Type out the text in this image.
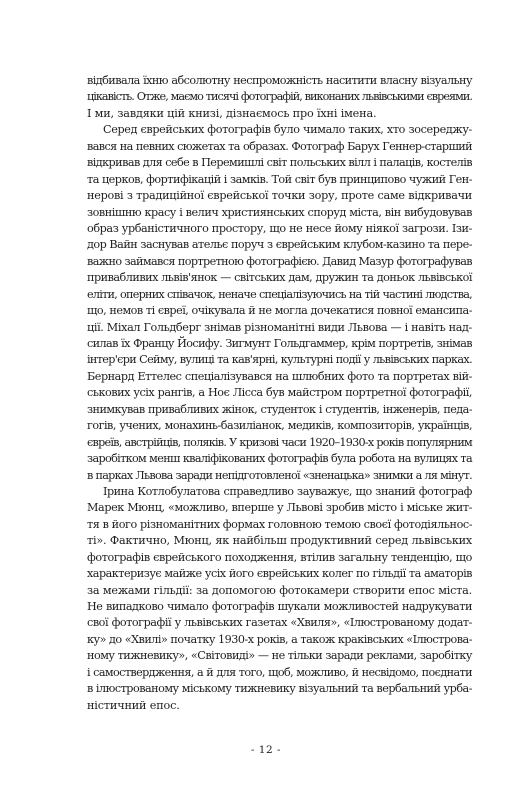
відбивала їхню абсолютну неспроможність наситити власну візуальну
цікавість. Отже, маємо тисячі фотографій, виконаних львівськими євреями.
І ми, завдяки цій книзі, дізнаємось про їхні імена.
Серед єврейських фотографів було чимало таких, хто зосереджу-
вався на певних сюжетах та образах. Фотограф Барух Геннер-старший
відкривав для себе в Перемишлі світ польських вілл і палаців, костелів
та церков, фортифікацій і замків. Той світ був принципово чужий Ген-
нерові з традиційної єврейської точки зору, проте саме відкривачи
зовнішню красу і велич християнських споруд міста, він вибудовував
образ урбаністичного простору, що не несе йому ніякої загрози. Ізи-
дор Вайн заснував ательє поруч з єврейським клубом-казино та пере-
важно займався портретною фотографією. Давид Мазур фотографував
привабливих львів'янок — світських дам, дружин та доньок львівської
еліти, оперних співачок, неначе спеціалізуючись на тій частині людства,
що, немов ті євреї, очікувала й не могла дочекатися повної емансипа-
ції. Міхал Гольдберг знімав різноманітні види Львова — і навіть над-
силав їх Францу Йосифу. Зигмунт Гольдгаммер, крім портретів, знімав
інтер'єри Сейму, вулиці та кав'ярні, культурні події у львівських парках.
Бернард Еттелес спеціалізувався на шлюбних фото та портретах вій-
ськових усіх рангів, а Ноє Лісса був майстром портретної фотографії,
знимкував привабливих жінок, студенток і студентів, інженерів, педа-
гогів, учених, монахинь-базиліанок, медиків, композиторів, українців,
євреїв, австрійців, поляків. У кризові часи 1920–1930-х років популярним
заробітком менш кваліфікованих фотографів була робота на вулицях та
в парках Львова заради непідготовленої «зненацька» знимки а ля мінут.
Ірина Котлобулатова справедливо зауважує, що знаний фотограф
Марек Мюнц, «можливо, вперше у Львові зробив місто і міське жит-
тя в його різноманітних формах головною темою своєї фотодіяльнос-
ті». Фактично, Мюнц, як найбільш продуктивний серед львівських
фотографів єврейського походження, втілив загальну тенденцію, що
характеризує майже усіх його єврейських колег по гільдії та аматорів
за межами гільдії: за допомогою фотокамери створити епос міста.
Не випадково чимало фотографів шукали можливостей надрукувати
свої фотографії у львівських газетах «Хвиля», «Ілюстрованому додат-
ку» до «Хвилі» початку 1930-х років, а також краківських «Ілюстрова-
ному тижневику», «Світовиді» — не тільки заради реклами, заробітку
і самоствердження, а й для того, щоб, можливо, й несвідомо, поєднати
в ілюстрованому міському тижневику візуальний та вербальний урба-
ністичний епос.
- 12 -
